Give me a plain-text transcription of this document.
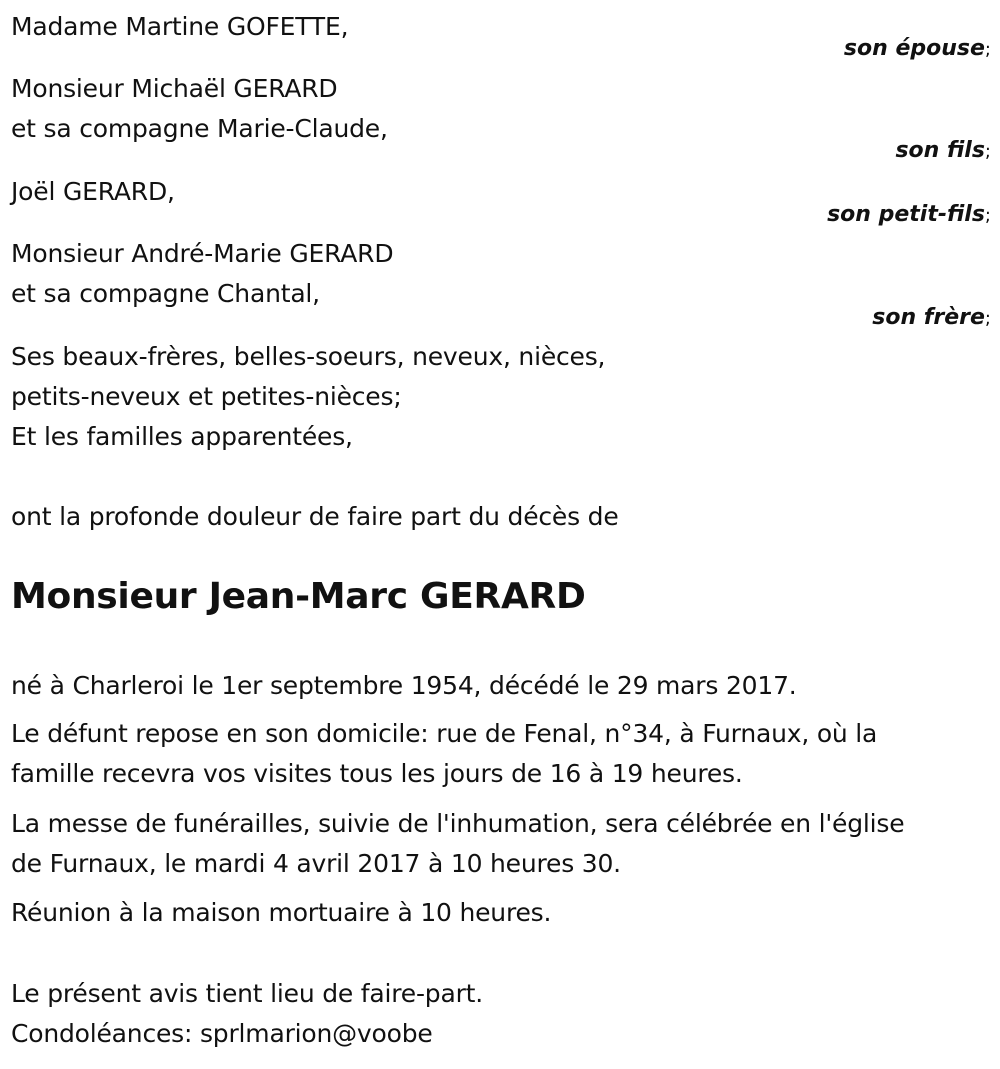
Madame Martine GOFETTE,
son épouse;
Monsieur Michaël GERARD
et sa compagne Marie-Claude,
son fils;
Joël GERARD,
son petit-fils;
Monsieur André-Marie GERARD
et sa compagne Chantal,
son frère;
Ses beaux-frères, belles-soeurs, neveux, nièces,
petits-neveux et petites-nièces;
Et les familles apparentées,
ont la profonde douleur de faire part du décès de
Monsieur Jean-Marc GERARD
né à Charleroi le 1er septembre 1954, décédé le 29 mars 2017.
Le défunt repose en son domicile: rue de Fenal, n°34, à Furnaux, où la
famille recevra vos visites tous les jours de 16 à 19 heures.
La messe de funérailles, suivie de l'inhumation, sera célébrée en l'église
de Furnaux, le mardi 4 avril 2017 à 10 heures 30.
Réunion à la maison mortuaire à 10 heures.
Le présent avis tient lieu de faire-part.
Condoléances: sprlmarion@voobe
